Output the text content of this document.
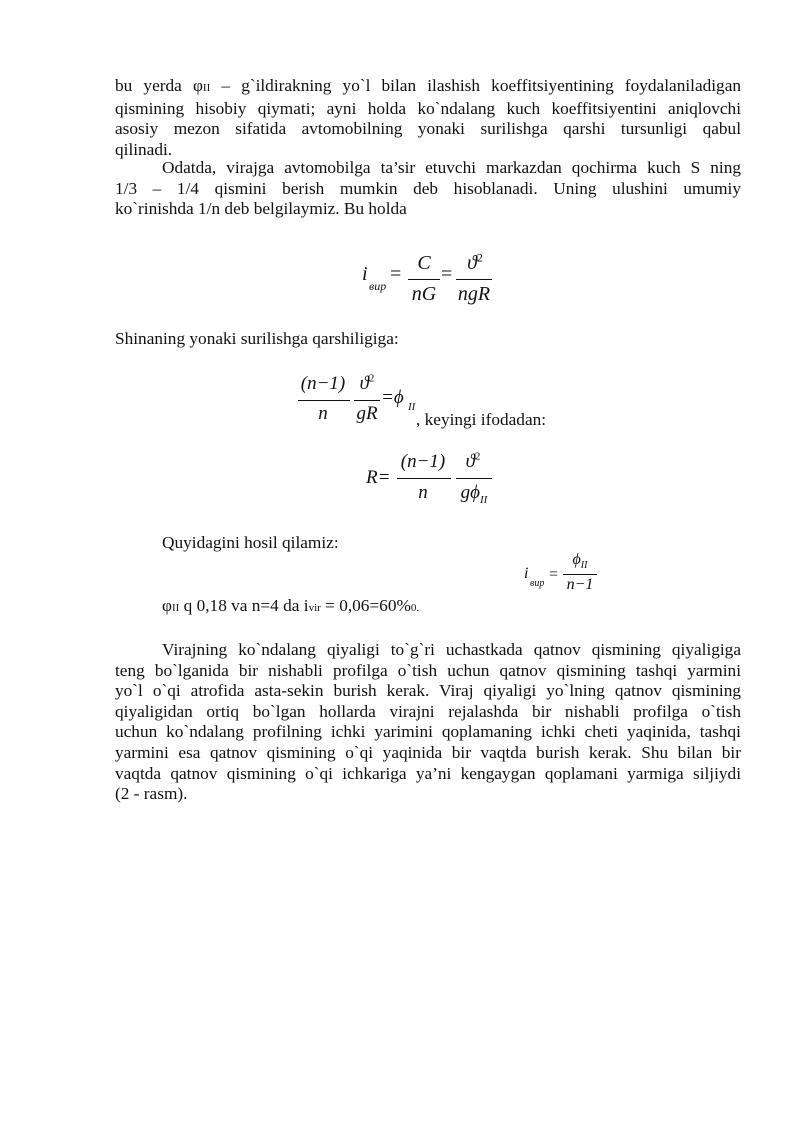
bu yerda φII – g`ildirakning yo`l bilan ilashish koeffitsiyentining foydalaniladigan
qismining hisobiy qiymati; ayni holda ko`ndalang kuch koeffitsiyentini aniqlovchi
asosiy mezon sifatida avtomobilning yonaki surilishga qarshi tursunligi qabul
qilinadi.
Odatda, virajga avtomobilga ta’sir etuvchi markazdan qochirma kuch S ning
1/3 – 1/4 qismini berish mumkin deb hisoblanadi. Uning ulushini umumiy
ko`rinishda 1/n deb belgilaymiz. Bu holda
i
вир
= C
nG
= $ϑ^2$
ngR
Shinaning yonaki surilishga qarshiligiga:
(n−1)
n
$ϑ^2$
gR
=ϕ II
, keyingi ifodadan:
R=
(n−1)
n
$ϑ^2$
$g\phi_{II}$
Quyidagini hosil qilamiz:
i
вир
=
$\phi_{II}$
n−1
φII q 0,18 va n=4 da ivir = 0,06=60%0.
Virajning ko`ndalang qiyaligi to`g`ri uchastkada qatnov qismining qiyaligiga
teng bo`lganida bir nishabli profilga o`tish uchun qatnov qismining tashqi yarmini
yo`l o`qi atrofida asta-sekin burish kerak. Viraj qiyaligi yo`lning qatnov qismining
qiyaligidan ortiq bo`lgan hollarda virajni rejalashda bir nishabli profilga o`tish
uchun ko`ndalang profilning ichki yarimini qoplamaning ichki cheti yaqinida, tashqi
yarmini esa qatnov qismining o`qi yaqinida bir vaqtda burish kerak. Shu bilan bir
vaqtda qatnov qismining o`qi ichkariga ya’ni kengaygan qoplamani yarmiga siljiydi
(2 - rasm).
